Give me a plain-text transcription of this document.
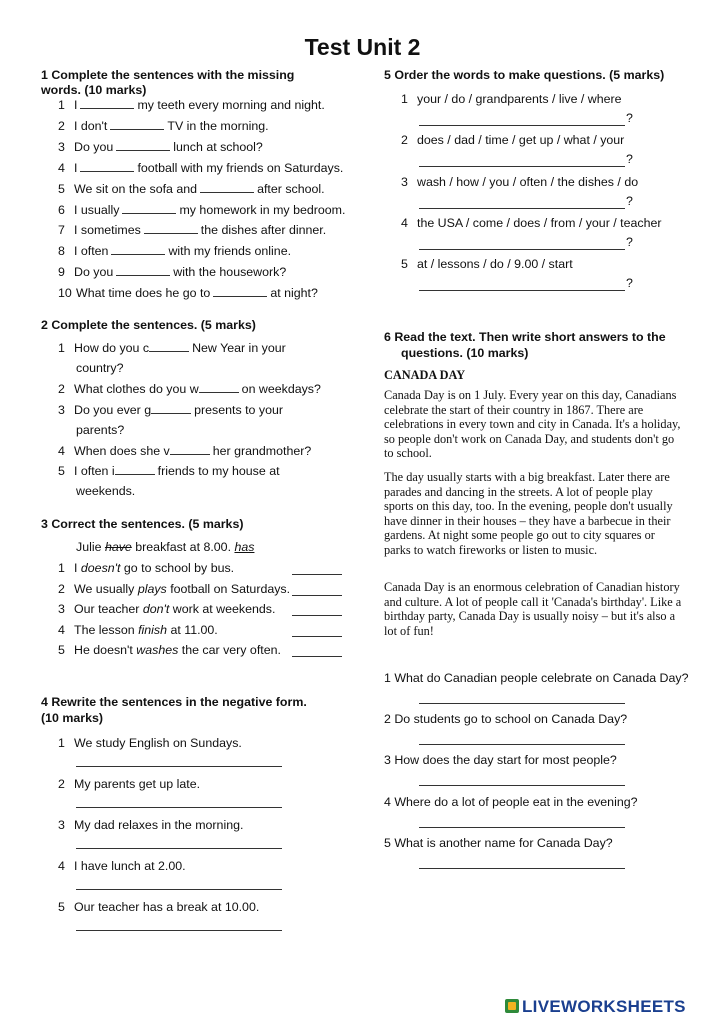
Test Unit 2
1 Complete the sentences with the missing
words. (10 marks)
1 I	my teeth every morning and night.
2 I don't	TV in the morning.
3 Do you	lunch at school?
4 I	football with my friends on Saturdays.
5 We sit on the sofa and	after school.
6 I usually	my homework in my bedroom.
7 I sometimes	the dishes after dinner.
8 I often	with my friends online.
9 Do you	with the housework?
10 What time does he go to	at night?
2 Complete the sentences. (5 marks)
1 How do you c	New Year in your
country?
2 What clothes do you w	on weekdays?
3 Do you ever g	presents to your
parents?
4 When does she v	her grandmother?
5 I often i	friends to my house at
weekends.
3 Correct the sentences. (5 marks)
Julie have breakfast at 8.00. has
1 I doesn't go to school by bus.
2 We usually plays football on Saturdays.
3 Our teacher don't work at weekends.
4 The lesson finish at 11.00.
5 He doesn't washes the car very often.
4 Rewrite the sentences in the negative form.
(10 marks)
1 We study English on Sundays.
2 My parents get up late.
3 My dad relaxes in the morning.
4 I have lunch at 2.00.
5 Our teacher has a break at 10.00.
5 Order the words to make questions. (5 marks)
1 your / do / grandparents / live / where
?
2 does / dad / time / get up / what / your
?
3 wash / how / you / often / the dishes / do
?
4 the USA / come / does / from / your / teacher
?
5 at / lessons / do / 9.00 / start
?
6 Read the text. Then write short answers to the
questions. (10 marks)
CANADA DAY
Canada Day is on 1 July. Every year on this day, Canadians celebrate the start of their country in 1867. There are celebrations in every town and city in Canada. It's a holiday, so people don't work on Canada Day, and students don't go to school.
The day usually starts with a big breakfast. Later there are parades and dancing in the streets. A lot of people play sports on this day, too. In the evening, people don't usually have dinner in their houses – they have a barbecue in their gardens. At night some people go out to city squares or parks to watch fireworks or listen to music.
Canada Day is an enormous celebration of Canadian history and culture. A lot of people call it 'Canada's birthday'. Like a birthday party, Canada Day is usually noisy – but it's also a lot of fun!
1 What do Canadian people celebrate on Canada Day?
2 Do students go to school on Canada Day?
3 How does the day start for most people?
4 Where do a lot of people eat in the evening?
5 What is another name for Canada Day?
LIVEWORKSHEETS
